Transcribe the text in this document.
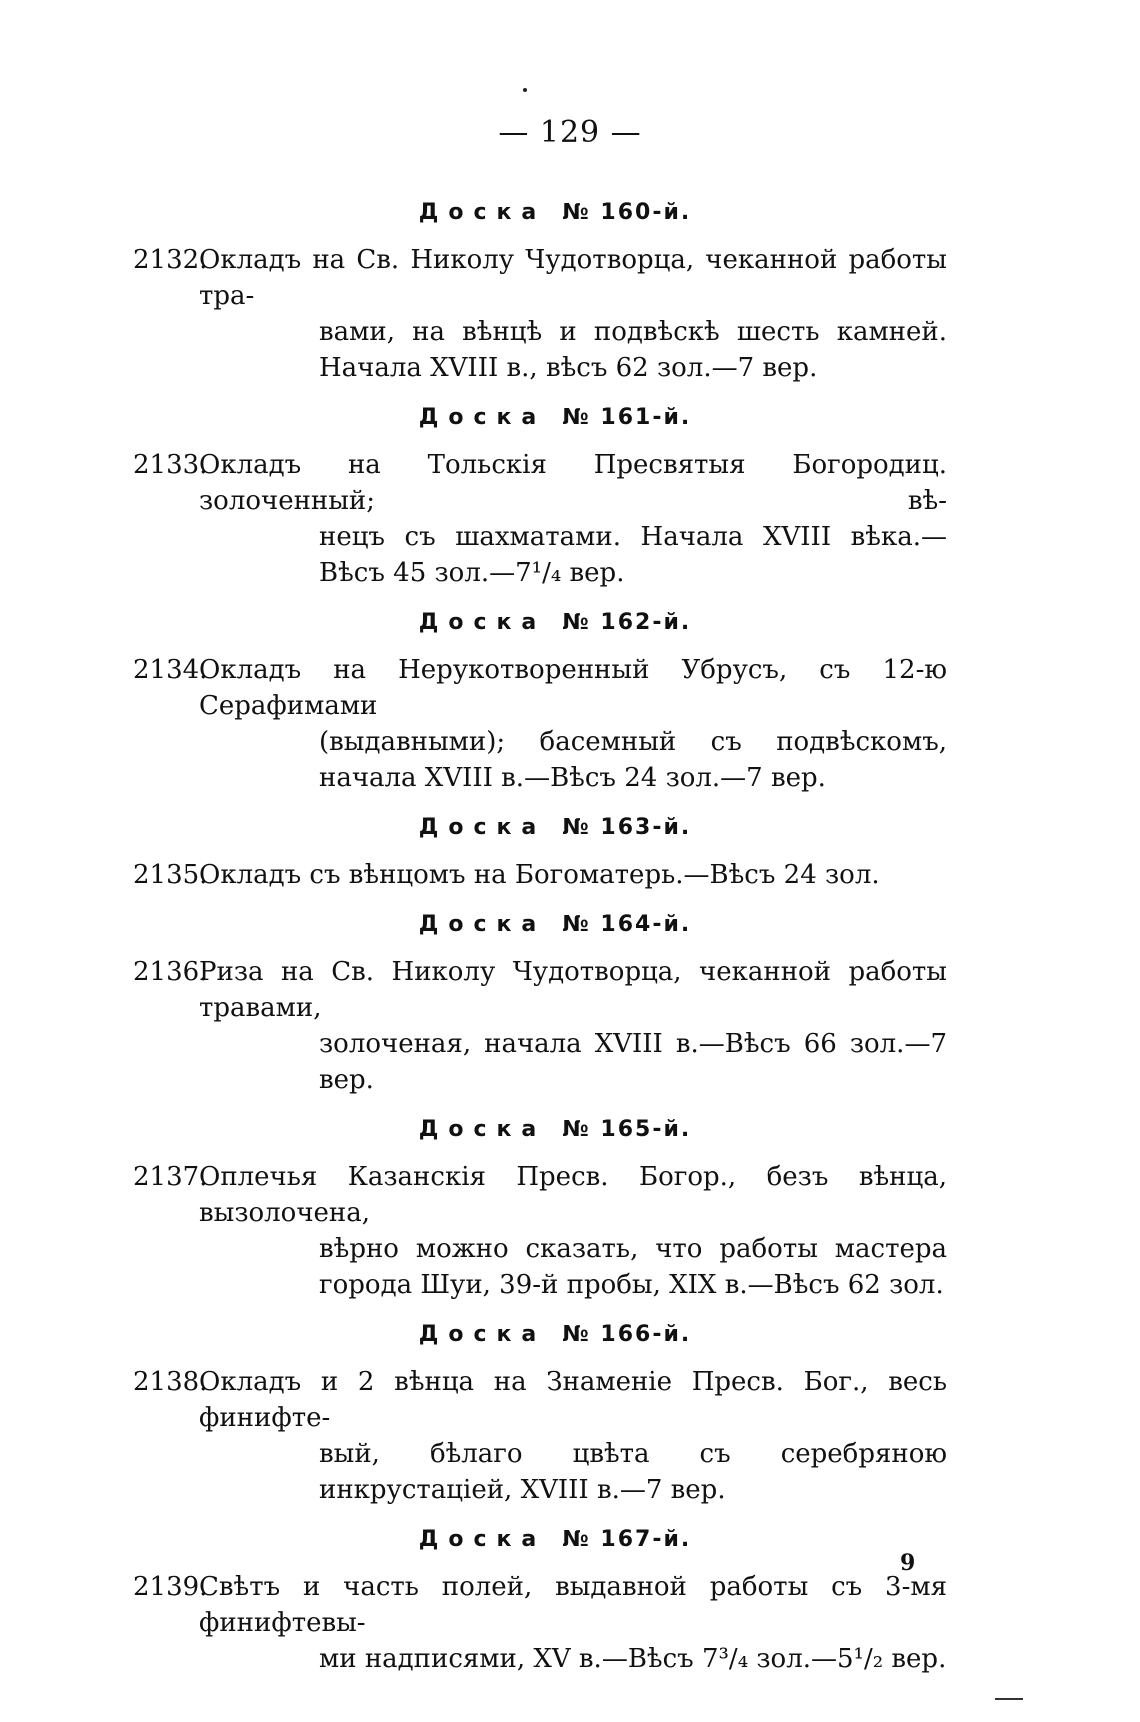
— 129 —
Доска № 160-й.
2132.
Окладъ на Св. Николу Чудотворца, чеканной работы тра-
вами, на вѣнцѣ и подвѣскѣ шесть камней. Начала XVIII в., вѣсъ 62 зол.—7 вер.
Доска № 161-й.
2133.
Окладъ на Тольскія Пресвятыя Богородиц. золоченный; вѣ-
нецъ съ шахматами. Начала XVIII вѣка.—Вѣсъ 45 зол.—7¹/₄ вер.
Доска № 162-й.
2134.
Окладъ на Нерукотворенный Убрусъ, съ 12-ю Серафимами
(выдавными); басемный съ подвѣскомъ, начала XVIII в.—Вѣсъ 24 зол.—7 вер.
Доска № 163-й.
2135.
Окладъ съ вѣнцомъ на Богоматерь.—Вѣсъ 24 зол.
Доска № 164-й.
2136.
Риза на Св. Николу Чудотворца, чеканной работы травами,
золоченая, начала XVIII в.—Вѣсъ 66 зол.—7 вер.
Доска № 165-й.
2137.
Оплечья Казанскія Пресв. Богор., безъ вѣнца, вызолочена,
вѣрно можно сказать, что работы мастера города Шуи, 39-й пробы, XIX в.—Вѣсъ 62 зол.
Доска № 166-й.
2138.
Окладъ и 2 вѣнца на Знаменіе Пресв. Бог., весь финифте-
вый, бѣлаго цвѣта съ серебряною инкрустаціей, XVIII в.—7 вер.
Доска № 167-й.
2139.
Свѣтъ и часть полей, выдавной работы съ 3-мя финифтевы-
ми надписями, XV в.—Вѣсъ 7³/₄ зол.—5¹/₂ вер.
9
